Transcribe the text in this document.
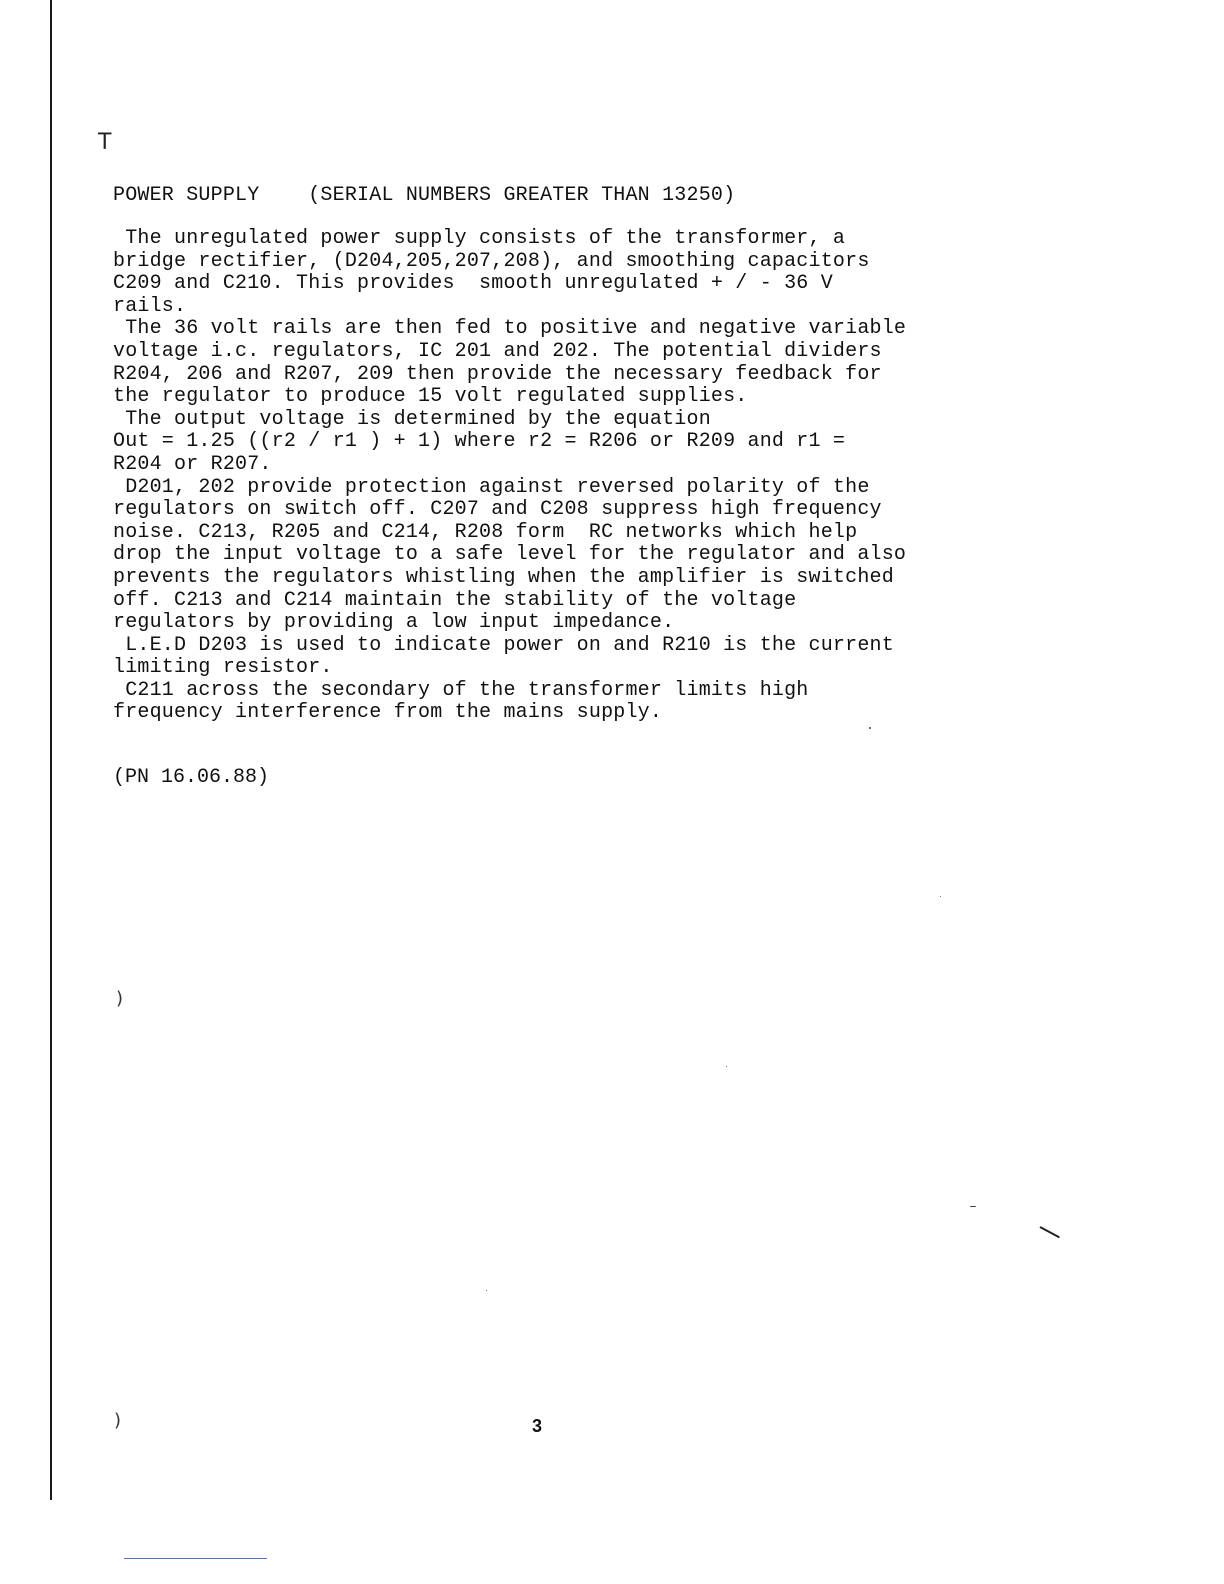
Τ
POWER SUPPLY    (SERIAL NUMBERS GREATER THAN 13250)
The unregulated power supply consists of the transformer, a
bridge rectifier, (D204,205,207,208), and smoothing capacitors
C209 and C210. This provides  smooth unregulated + / - 36 V
rails.
The 36 volt rails are then fed to positive and negative variable
voltage i.c. regulators, IC 201 and 202. The potential dividers
R204, 206 and R207, 209 then provide the necessary feedback for
the regulator to produce 15 volt regulated supplies.
The output voltage is determined by the equation
Out = 1.25 ((r2 / r1 ) + 1) where r2 = R206 or R209 and r1 =
R204 or R207.
D201, 202 provide protection against reversed polarity of the
regulators on switch off. C207 and C208 suppress high frequency
noise. C213, R205 and C214, R208 form  RC networks which help
drop the input voltage to a safe level for the regulator and also
prevents the regulators whistling when the amplifier is switched
off. C213 and C214 maintain the stability of the voltage
regulators by providing a low input impedance.
L.E.D D203 is used to indicate power on and R210 is the current
limiting resistor.
C211 across the secondary of the transformer limits high
frequency interference from the mains supply.
(PN 16.06.88)
)
)	3
